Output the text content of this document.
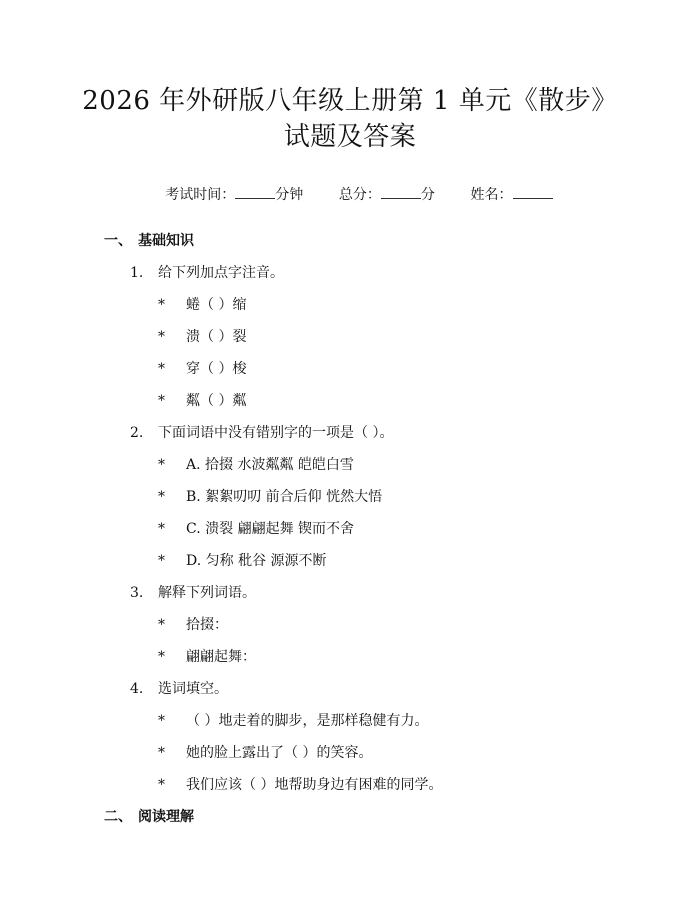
2026 年外研版八年级上册第 1 单元《散步》
试题及答案

考试时间：	分钟	总分：	分	姓名：

一、 基础知识
1. 给下列加点字注音。
* 蜷（ ）缩
* 溃（ ）裂
* 穿（ ）梭
* 粼（ ）粼
2. 下面词语中没有错别字的一项是（ ）。
* A. 拾掇 水波粼粼 皑皑白雪
* B. 絮絮叨叨 前合后仰 恍然大悟
* C. 溃裂 翩翩起舞 锲而不舍
* D. 匀称 秕谷 源源不断
3. 解释下列词语。
* 拾掇：
* 翩翩起舞：
4. 选词填空。
* （ ）地走着的脚步，是那样稳健有力。
* 她的脸上露出了（ ）的笑容。
* 我们应该（ ）地帮助身边有困难的同学。
二、 阅读理解
